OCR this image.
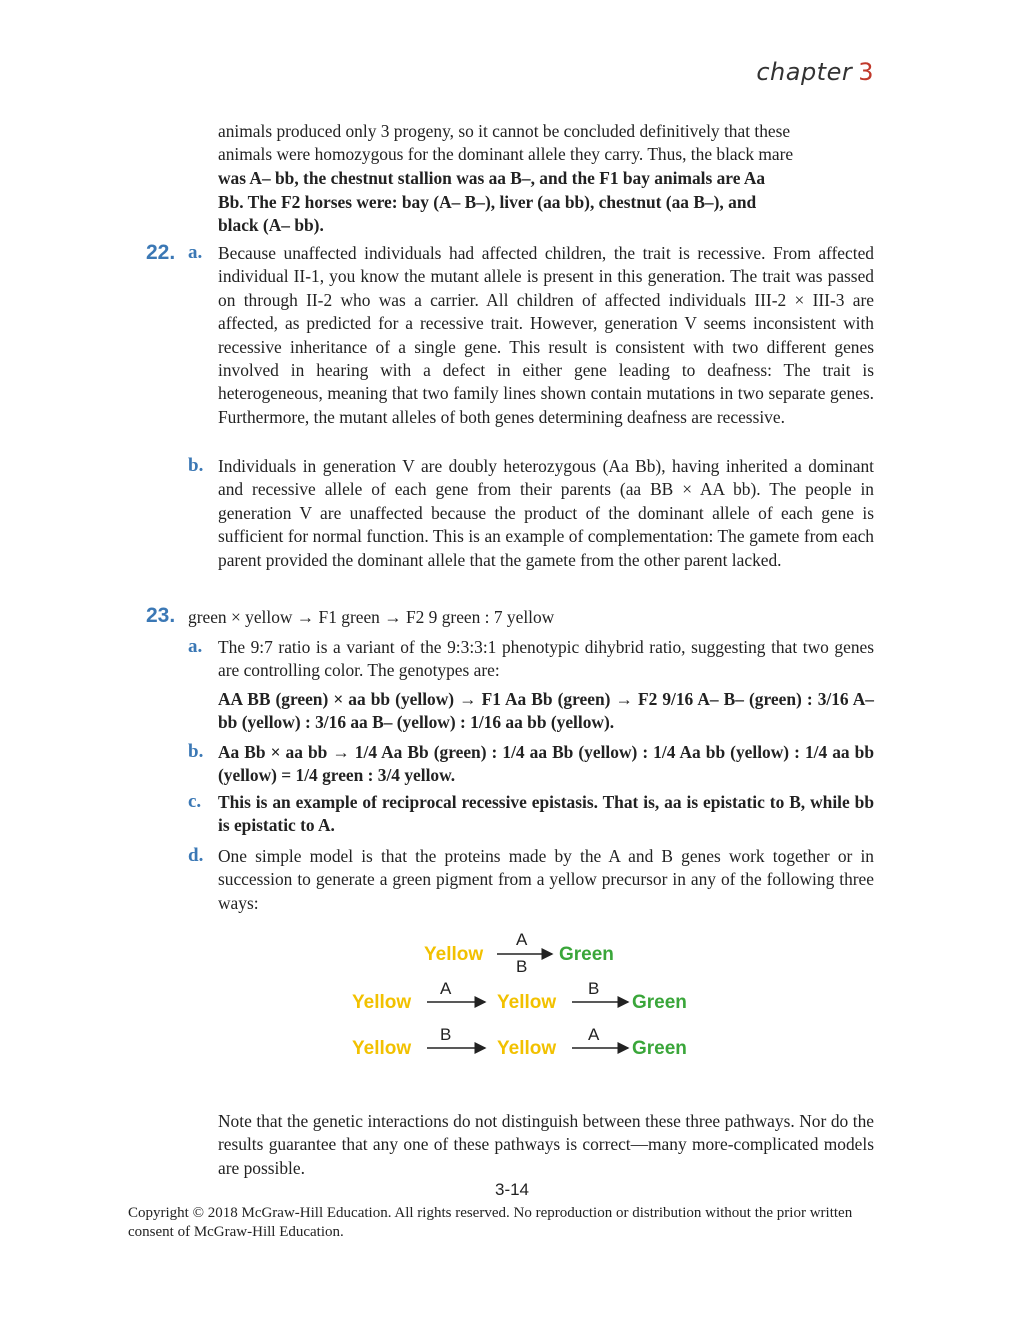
chapter 3
animals produced only 3 progeny, so it cannot be concluded definitively that these
animals were homozygous for the dominant allele they carry. Thus, the black mare
was A– bb, the chestnut stallion was aa B–, and the F1 bay animals are Aa
Bb. The F2 horses were: bay (A– B–), liver (aa bb), chestnut (aa B–), and
black (A– bb).
22. a. Because unaffected individuals had affected children, the trait is recessive. From affected individual II-1, you know the mutant allele is present in this generation. The trait was passed on through II-2 who was a carrier. All children of affected individuals III-2 × III-3 are affected, as predicted for a recessive trait. However, generation V seems inconsistent with recessive inheritance of a single gene. This result is consistent with two different genes involved in hearing with a defect in either gene leading to deafness: The trait is heterogeneous, meaning that two family lines shown contain mutations in two separate genes. Furthermore, the mutant alleles of both genes determining deafness are recessive.
b. Individuals in generation V are doubly heterozygous (Aa Bb), having inherited a dominant and recessive allele of each gene from their parents (aa BB × AA bb). The people in generation V are unaffected because the product of the dominant allele of each gene is sufficient for normal function. This is an example of complementation: The gamete from each parent provided the dominant allele that the gamete from the other parent lacked.
23. green × yellow → F1 green → F2 9 green : 7 yellow
a. The 9:7 ratio is a variant of the 9:3:3:1 phenotypic dihybrid ratio, suggesting that two genes are controlling color. The genotypes are:
AA BB (green) × aa bb (yellow) → F1 Aa Bb (green) → F2 9/16 A– B– (green) : 3/16 A– bb (yellow) : 3/16 aa B– (yellow) : 1/16 aa bb (yellow).
b. Aa Bb × aa bb → 1/4 Aa Bb (green) : 1/4 aa Bb (yellow) : 1/4 Aa bb (yellow) : 1/4 aa bb (yellow) = 1/4 green : 3/4 yellow.
c. This is an example of reciprocal recessive epistasis. That is, aa is epistatic to B, while bb is epistatic to A.
d. One simple model is that the proteins made by the A and B genes work together or in succession to generate a green pigment from a yellow precursor in any of the following three ways:
Yellow
A
B
Green
Yellow
A
Yellow
B
Green
Yellow
B
Yellow
A
Green
Note that the genetic interactions do not distinguish between these three pathways. Nor do the results guarantee that any one of these pathways is correct—many more-complicated models are possible.
3-14
Copyright © 2018 McGraw-Hill Education. All rights reserved. No reproduction or distribution without the prior written consent of McGraw-Hill Education.
